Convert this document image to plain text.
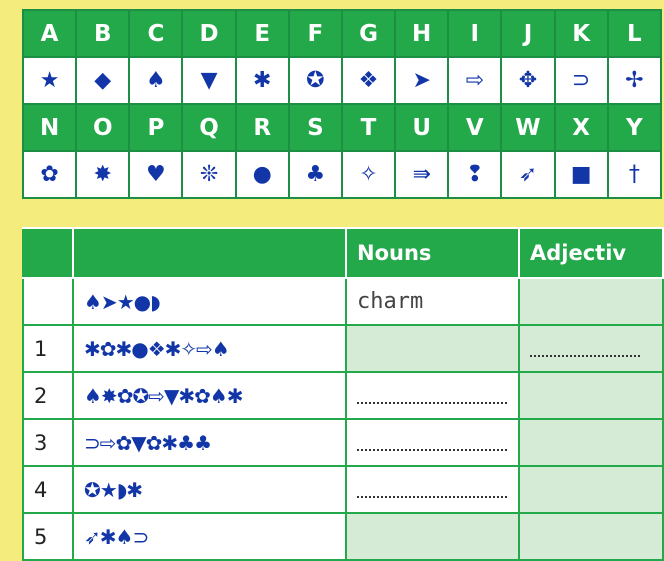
A	B	C	D	E	F	G	H	I	J	K	L
★	◆	♠	▼	✱	✪	❖	➤	⇨	✥	⊃	✢
N	O	P	Q	R	S	T	U	V	W	X	Y
✿	✸	♥	❊	●	♣	✧	⇛	❢	➶	■	†
		Nouns	Adjectiv
	♠➤★●◗	charm	
1	✱✿✱●❖✱✧⇨♠		

2	♠✸✿✪⇨▼✱✿♠✱	

3	⊃⇨✿▼✿✱♣♣	

4	✪★◗✱	

5	➶✱♠⊃		
